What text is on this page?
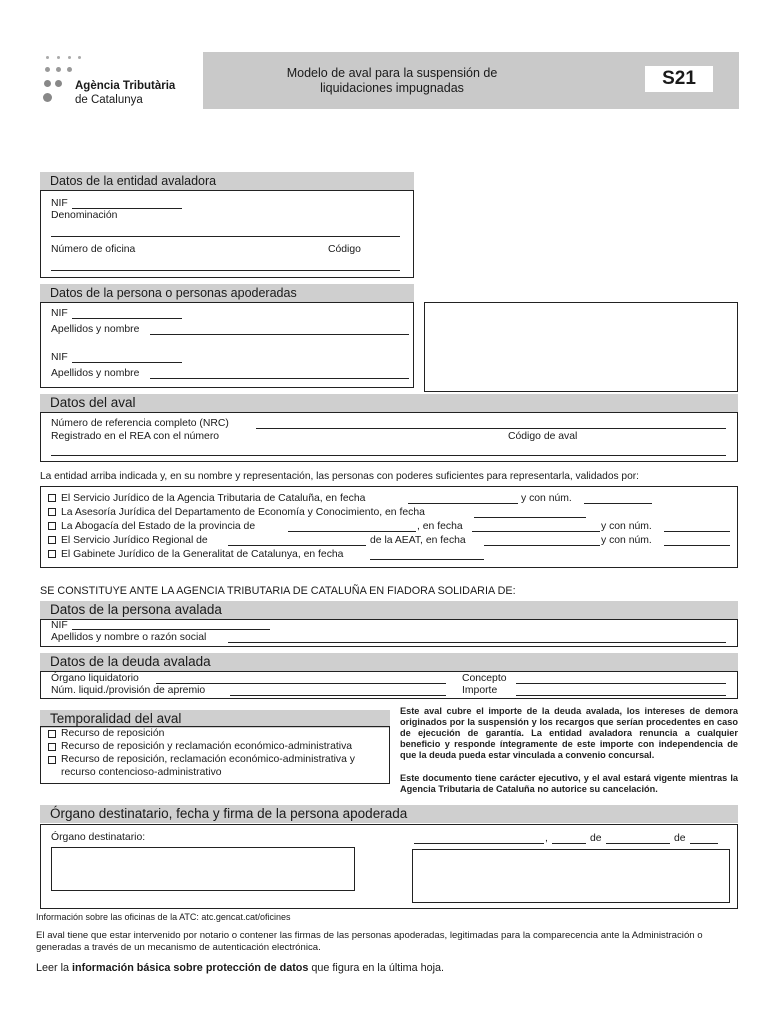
Agència Tributària
de Catalunya
Modelo de aval para la suspensión de
liquidaciones impugnadas	S21
Datos de la entidad avaladora
NIF
Denominación
Número de oficina	Código
Datos de la persona o personas apoderadas
NIF
Apellidos y nombre
NIF
Apellidos y nombre
Datos del aval
Número de referencia completo (NRC)
Registrado en el REA con el número	Código de aval
La entidad arriba indicada y, en su nombre y representación, las personas con poderes suficientes para representarla, validados por:
El Servicio Jurídico de la Agencia Tributaria de Cataluña, en fecha	y con núm.
La Asesoría Jurídica del Departamento de Economía y Conocimiento, en fecha
La Abogacía del Estado de la provincia de	, en fecha	y con núm.
El Servicio Jurídico Regional de	de la AEAT, en fecha	y con núm.
El Gabinete Jurídico de la Generalitat de Catalunya, en fecha
SE CONSTITUYE ANTE LA AGENCIA TRIBUTARIA DE CATALUÑA EN FIADORA SOLIDARIA DE:
Datos de la persona avalada
NIF
Apellidos y nombre o razón social
Datos de la deuda avalada
Órgano liquidatorio	Concepto
Núm. liquid./provisión de apremio	Importe
Temporalidad del aval
Recurso de reposición
Recurso de reposición y reclamación económico-administrativa
Recurso de reposición, reclamación económico-administrativa y
recurso contencioso-administrativo
Este aval cubre el importe de la deuda avalada, los intereses de demora originados por la suspensión y los recargos que serían procedentes en caso de ejecución de garantía. La entidad avaladora renuncia a cualquier beneficio y responde íntegramente de este importe con independencia de que la deuda pueda estar vinculada a convenio concursal.
Este documento tiene carácter ejecutivo, y el aval estará vigente mientras la Agencia Tributaria de Cataluña no autorice su cancelación.
Órgano destinatario, fecha y firma de la persona apoderada
Órgano destinatario:	,	de	de
Información sobre las oficinas de la ATC: atc.gencat.cat/oficines
El aval tiene que estar intervenido por notario o contener las firmas de las personas apoderadas, legitimadas para la comparecencia ante la Administración o generadas a través de un mecanismo de autenticación electrónica.
Leer la información básica sobre protección de datos que figura en la última hoja.
